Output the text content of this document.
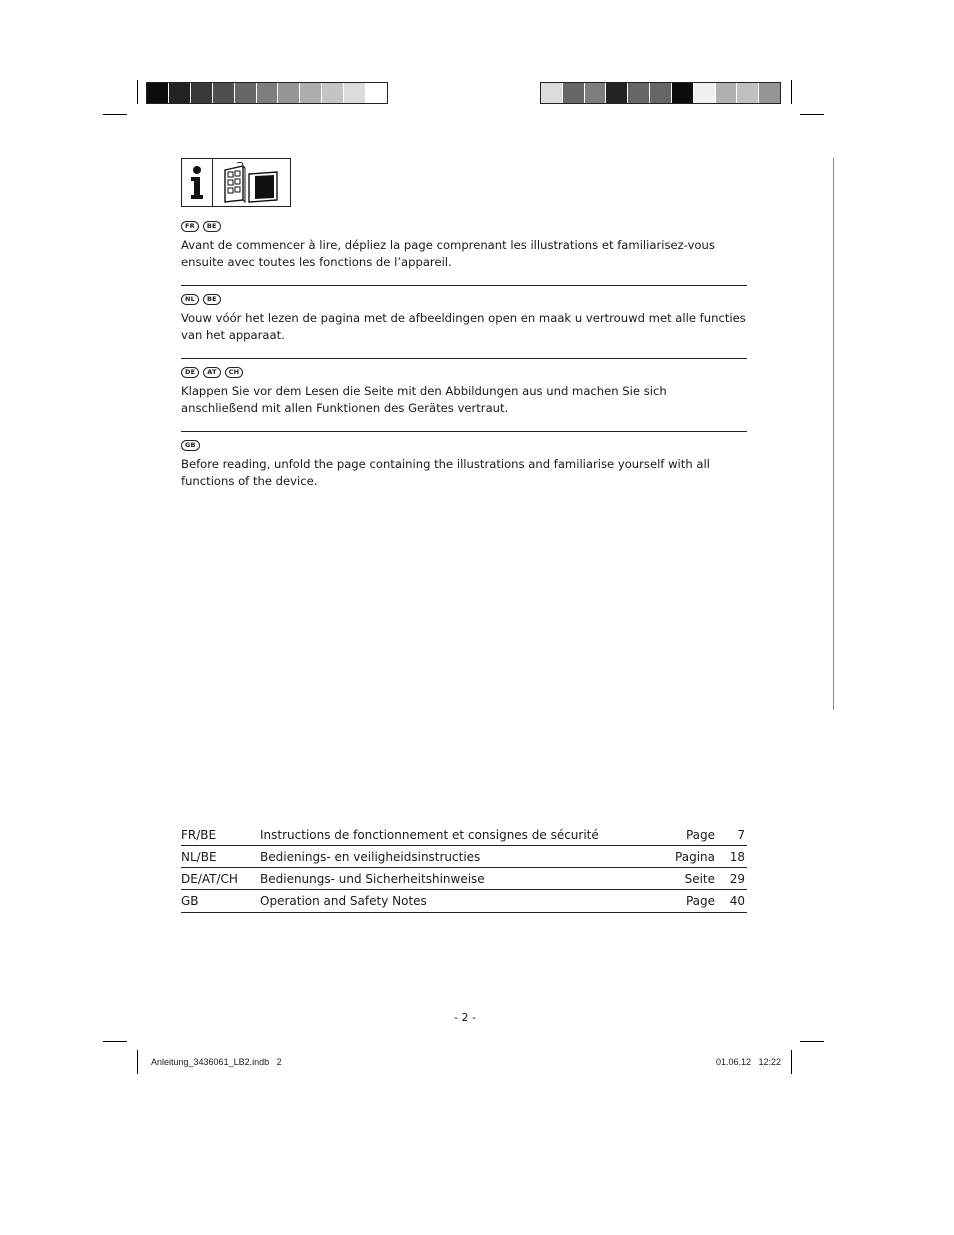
FR	BE

Avant de commencer à lire, dépliez la page comprenant les illustrations et familiarisez-vous ensuite avec toutes les fonctions de l’appareil.

NL	BE

Vouw vóór het lezen de pagina met de afbeeldingen open en maak u vertrouwd met alle functies van het apparaat.

DE	AT	CH

Klappen Sie vor dem Lesen die Seite mit den Abbildungen aus und machen Sie sich anschließend mit allen Funktionen des Gerätes vertraut.

GB

Before reading, unfold the page containing the illustrations and familiarise yourself with all functions of the device.

FR/BE	Instructions de fonctionnement et consignes de sécurité	Page	7
NL/BE	Bedienings- en veiligheidsinstructies	Pagina	18
DE/AT/CH	Bedienungs- und Sicherheitshinweise	Seite	29
GB	Operation and Safety Notes	Page	40
- 2 -
Anleitung_3436061_LB2.indb   2	01.06.12   12:22
